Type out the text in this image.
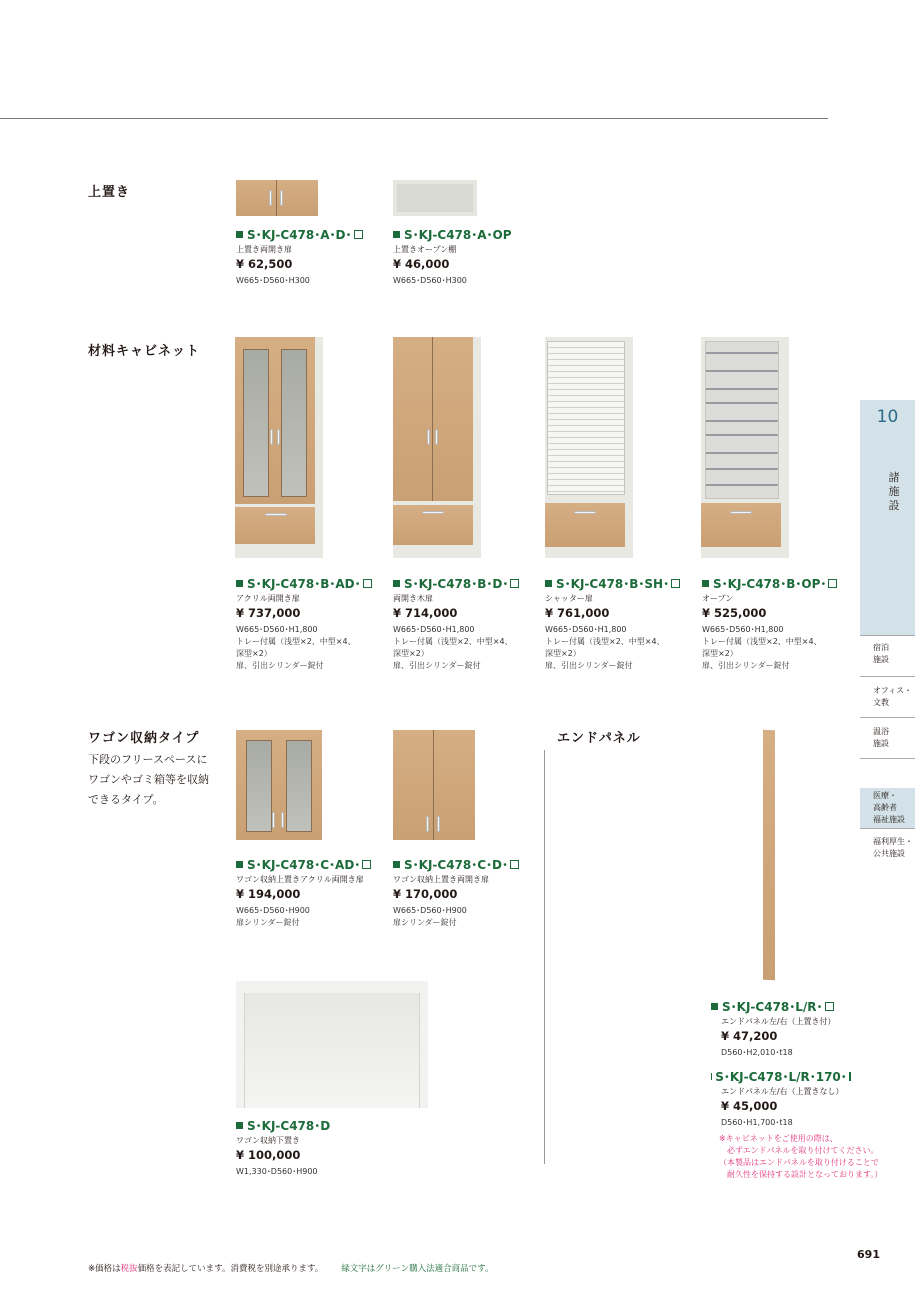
上置き
材料キャビネット
ワゴン収納タイプ
下段のフリースペースに
ワゴンやゴミ箱等を収納
できるタイプ。
エンドパネル
S･KJ-C478･A･D･
上置き両開き扉
¥ 62,500
W665･D560･H300
S･KJ-C478･A･OP
上置きオープン棚
¥ 46,000
W665･D560･H300
S･KJ-C478･B･AD･
アクリル両開き扉
¥ 737,000
W665･D560･H1,800
トレー付属（浅型×2、中型×4、
深型×2）
扉、引出シリンダー錠付
S･KJ-C478･B･D･
両開き木扉
¥ 714,000
W665･D560･H1,800
トレー付属（浅型×2、中型×4、
深型×2）
扉、引出シリンダー錠付
S･KJ-C478･B･SH･
シャッター扉
¥ 761,000
W665･D560･H1,800
トレー付属（浅型×2、中型×4、
深型×2）
扉、引出シリンダー錠付
S･KJ-C478･B･OP･
オープン
¥ 525,000
W665･D560･H1,800
トレー付属（浅型×2、中型×4、
深型×2）
扉、引出シリンダー錠付
S･KJ-C478･C･AD･
ワゴン収納上置きアクリル両開き扉
¥ 194,000
W665･D560･H900
扉シリンダー錠付
S･KJ-C478･C･D･
ワゴン収納上置き両開き扉
¥ 170,000
W665･D560･H900
扉シリンダー錠付
S･KJ-C478･D
ワゴン収納下置き
¥ 100,000
W1,330･D560･H900
S･KJ-C478･L/R･
エンドパネル左/右（上置き付）
¥ 47,200
D560･H2,010･t18
S･KJ-C478･L/R･170･
エンドパネル左/右（上置きなし）
¥ 45,000
D560･H1,700･t18
※キャビネットをご使用の際は、
　必ずエンドパネルを取り付けてください。
（本製品はエンドパネルを取り付けることで
　耐久性を保持する設計となっております。）
10
諸施設
宿泊
施設
オフィス・
文教
温浴
施設
医療・
高齢者
福祉施設
福利厚生・
公共施設
※価格は税抜価格を表記しています。消費税を別途承ります。 緑文字はグリーン購入法適合商品です。
691
